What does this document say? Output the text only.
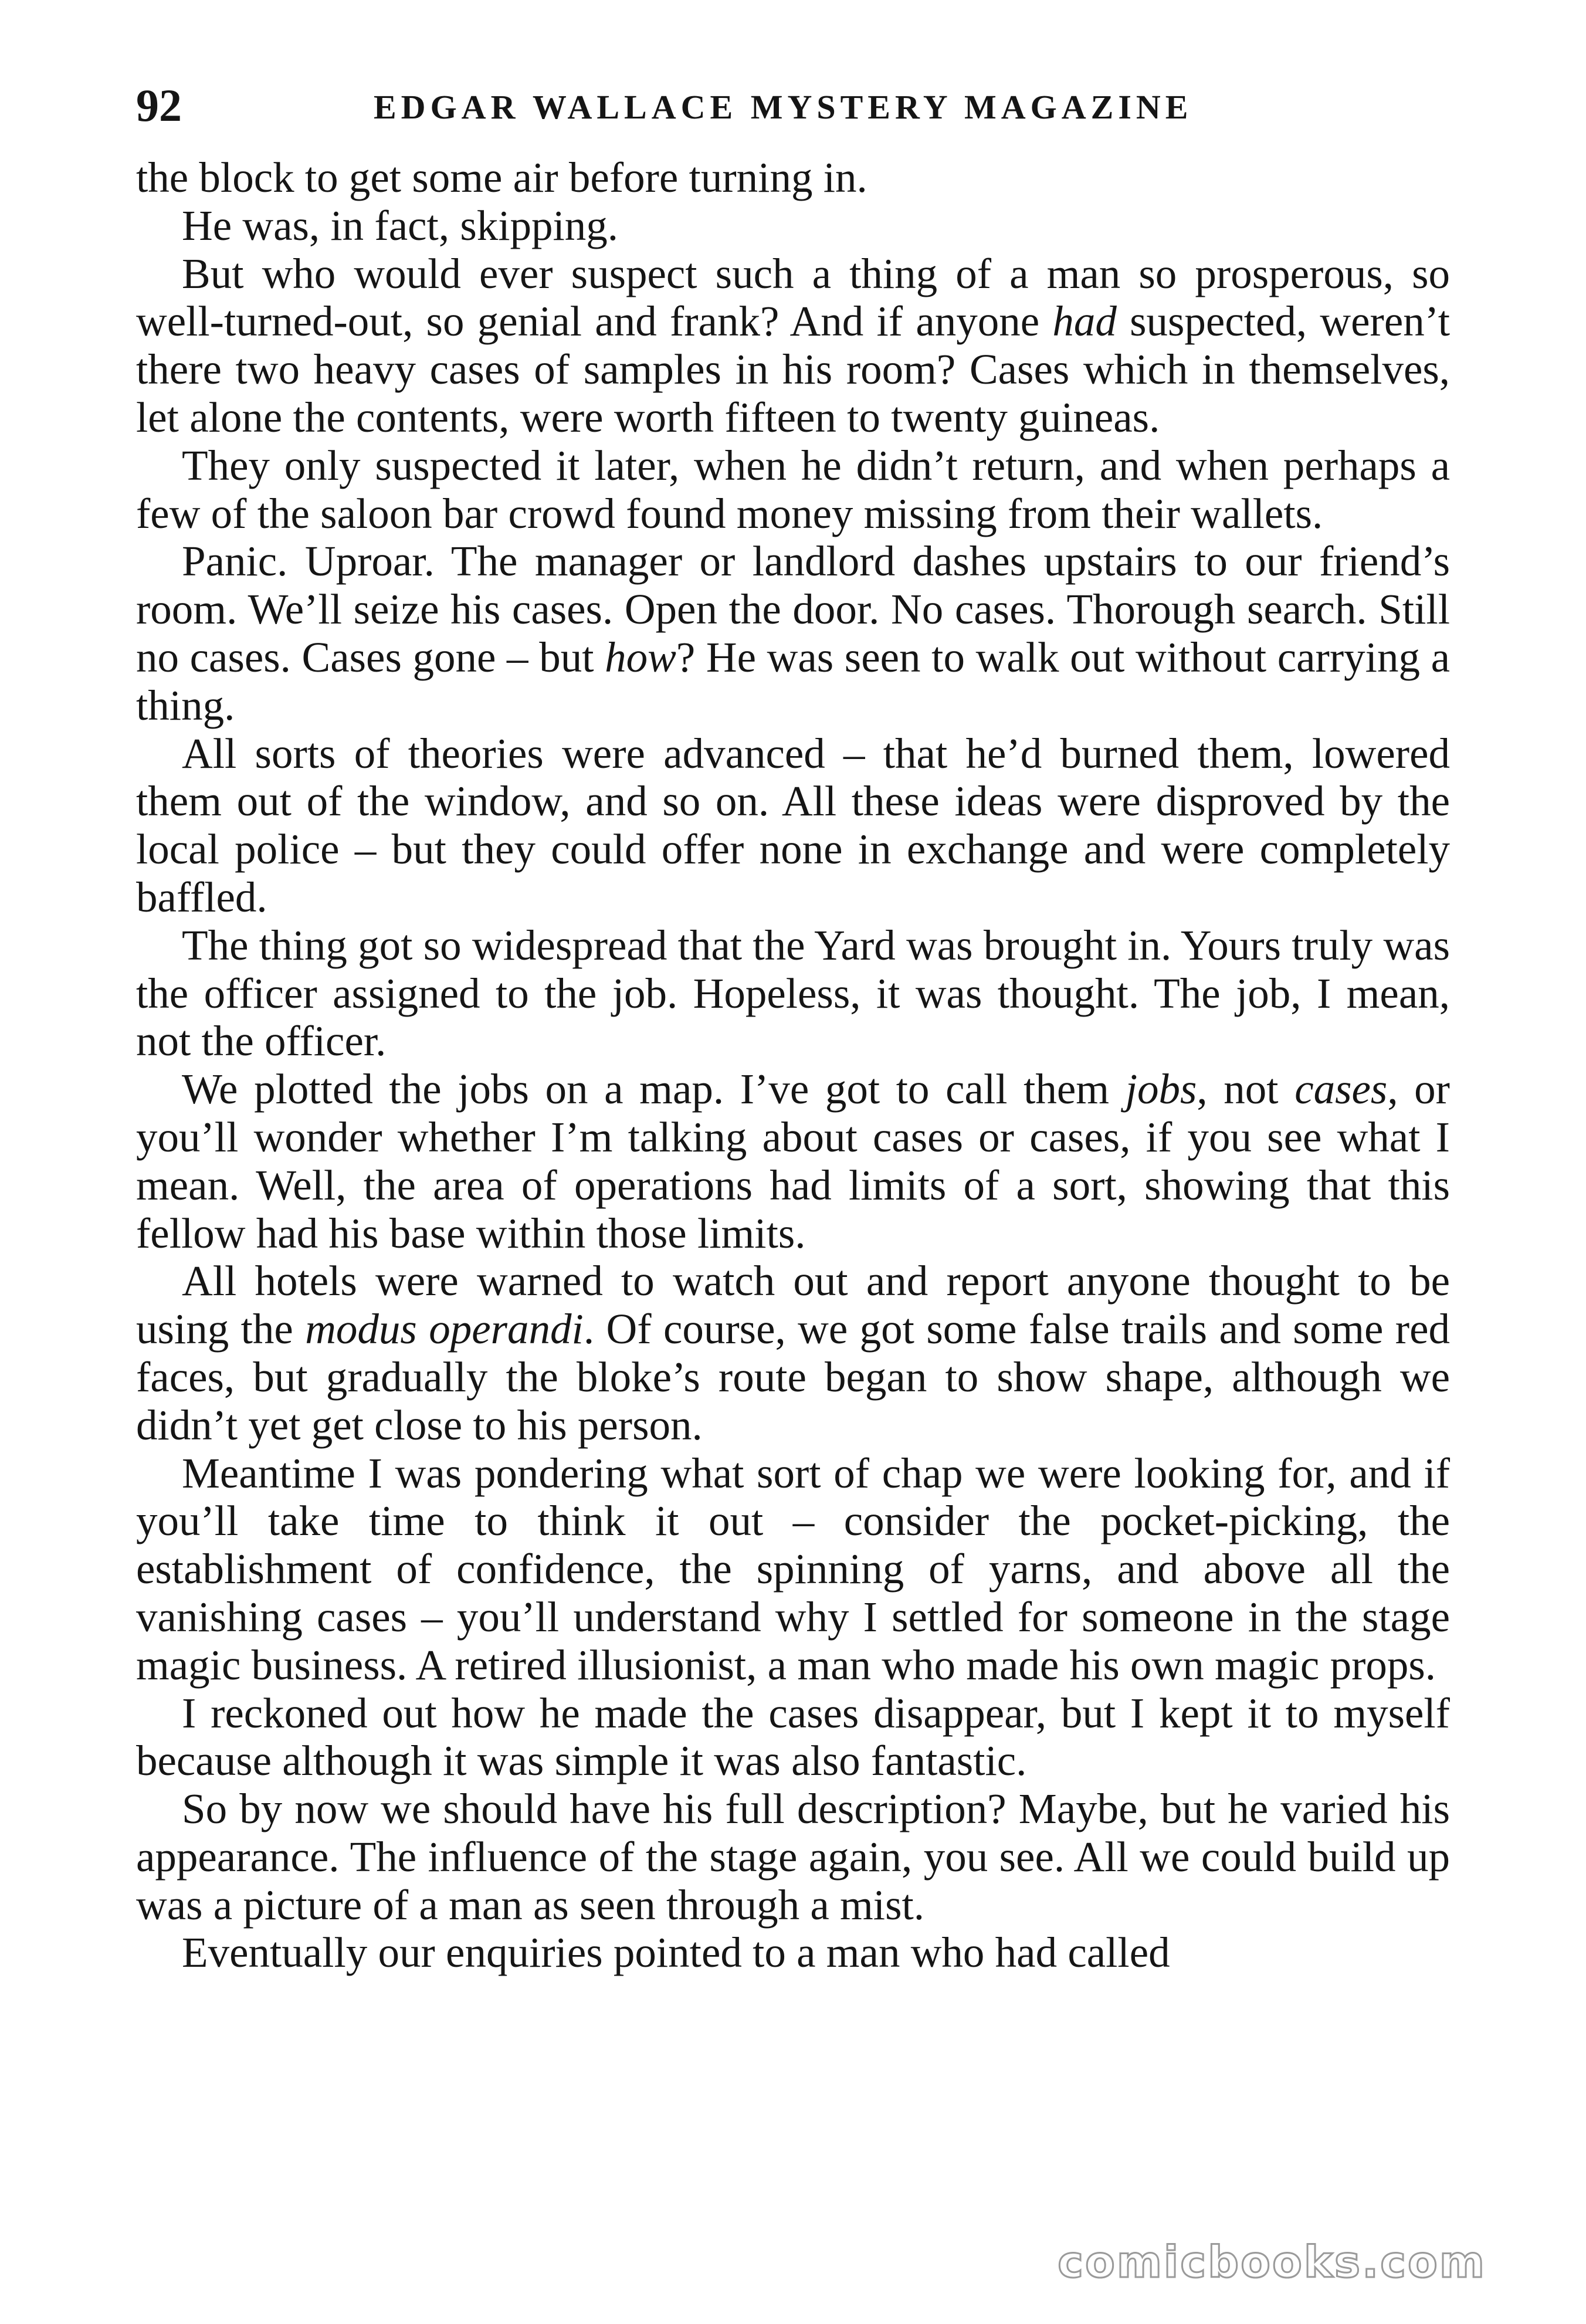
92	EDGAR WALLACE MYSTERY MAGAZINE

the block to get some air before turning in.

He was, in fact, skipping.

But who would ever suspect such a thing of a man so prosperous, so well-turned-out, so genial and frank? And if anyone had suspected, weren’t there two heavy cases of samples in his room? Cases which in themselves, let alone the contents, were worth fifteen to twenty guineas.

They only suspected it later, when he didn’t return, and when perhaps a few of the saloon bar crowd found money missing from their wallets.

Panic. Uproar. The manager or landlord dashes upstairs to our friend’s room. We’ll seize his cases. Open the door. No cases. Thorough search. Still no cases. Cases gone – but how? He was seen to walk out without carrying a thing.

All sorts of theories were advanced – that he’d burned them, lowered them out of the window, and so on. All these ideas were disproved by the local police – but they could offer none in exchange and were completely baffled.

The thing got so widespread that the Yard was brought in. Yours truly was the officer assigned to the job. Hopeless, it was thought. The job, I mean, not the officer.

We plotted the jobs on a map. I’ve got to call them jobs, not cases, or you’ll wonder whether I’m talking about cases or cases, if you see what I mean. Well, the area of operations had limits of a sort, showing that this fellow had his base within those limits.

All hotels were warned to watch out and report anyone thought to be using the modus operandi. Of course, we got some false trails and some red faces, but gradually the bloke’s route began to show shape, although we didn’t yet get close to his person.

Meantime I was pondering what sort of chap we were looking for, and if you’ll take time to think it out – consider the pocket-picking, the establishment of confidence, the spinning of yarns, and above all the vanishing cases – you’ll understand why I settled for someone in the stage magic business. A retired illusionist, a man who made his own magic props.

I reckoned out how he made the cases disappear, but I kept it to myself because although it was simple it was also fantastic.

So by now we should have his full description? Maybe, but he varied his appearance. The influence of the stage again, you see. All we could build up was a picture of a man as seen through a mist.

Eventually our enquiries pointed to a man who had called

comicbooks.com
